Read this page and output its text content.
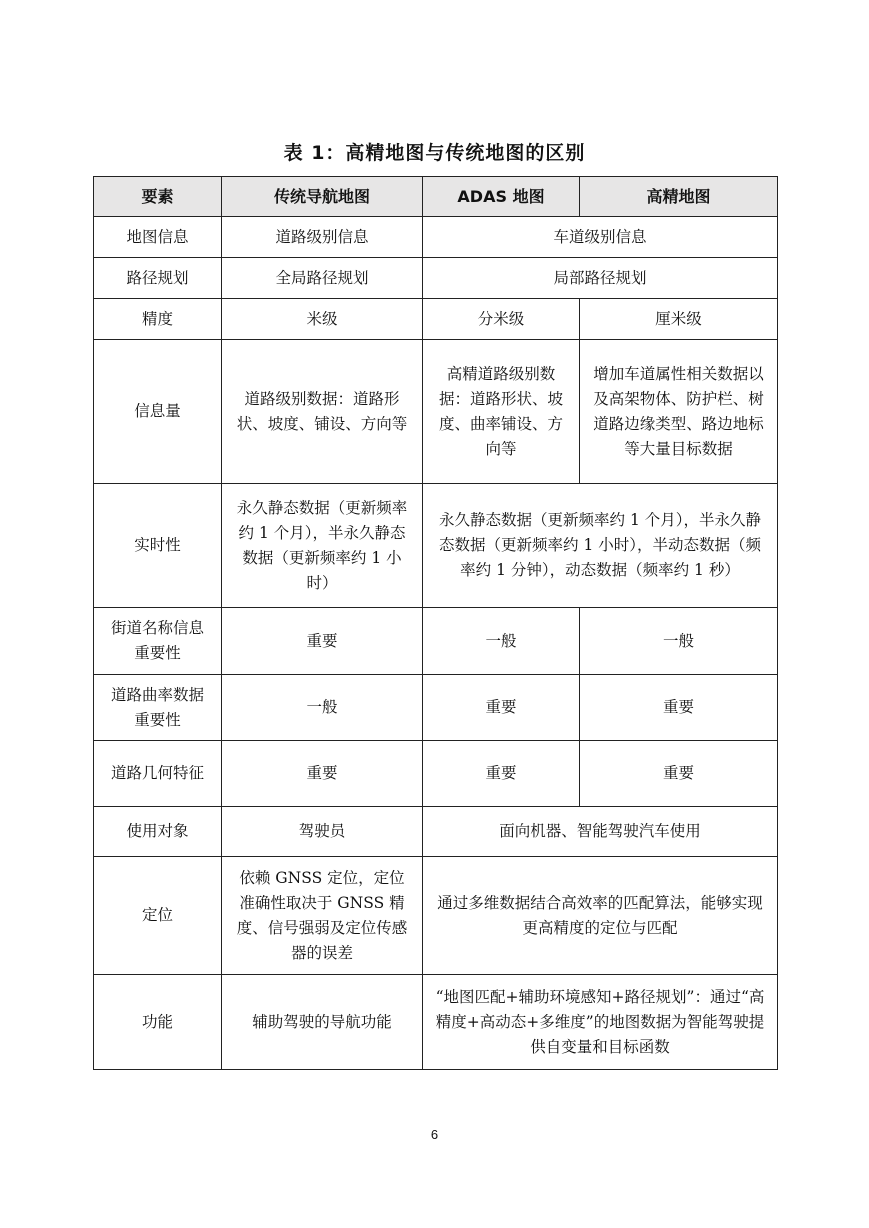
表 1：高精地图与传统地图的区别
要素	传统导航地图	ADAS 地图	高精地图
地图信息	道路级别信息	车道级别信息	
路径规划	全局路径规划	局部路径规划	
精度	米级	分米级	厘米级
信息量	道路级别数据：道路形状、坡度、铺设、方向等	高精道路级别数据：道路形状、坡度、曲率铺设、方向等	增加车道属性相关数据以及高架物体、防护栏、树道路边缘类型、路边地标等大量目标数据
实时性	永久静态数据（更新频率约 1 个月），半永久静态数据（更新频率约 1 小时）	永久静态数据（更新频率约 1 个月），半永久静态数据（更新频率约 1 小时），半动态数据（频率约 1 分钟），动态数据（频率约 1 秒）	
街道名称信息重要性	重要	一般	一般
道路曲率数据重要性	一般	重要	重要
道路几何特征	重要	重要	重要
使用对象	驾驶员	面向机器、智能驾驶汽车使用	
定位	依赖 GNSS 定位，定位准确性取决于 GNSS 精度、信号强弱及定位传感器的误差	通过多维数据结合高效率的匹配算法，能够实现更高精度的定位与匹配	
功能	辅助驾驶的导航功能	“地图匹配+辅助环境感知+路径规划”：通过“高精度+高动态+多维度”的地图数据为智能驾驶提供自变量和目标函数	
6
